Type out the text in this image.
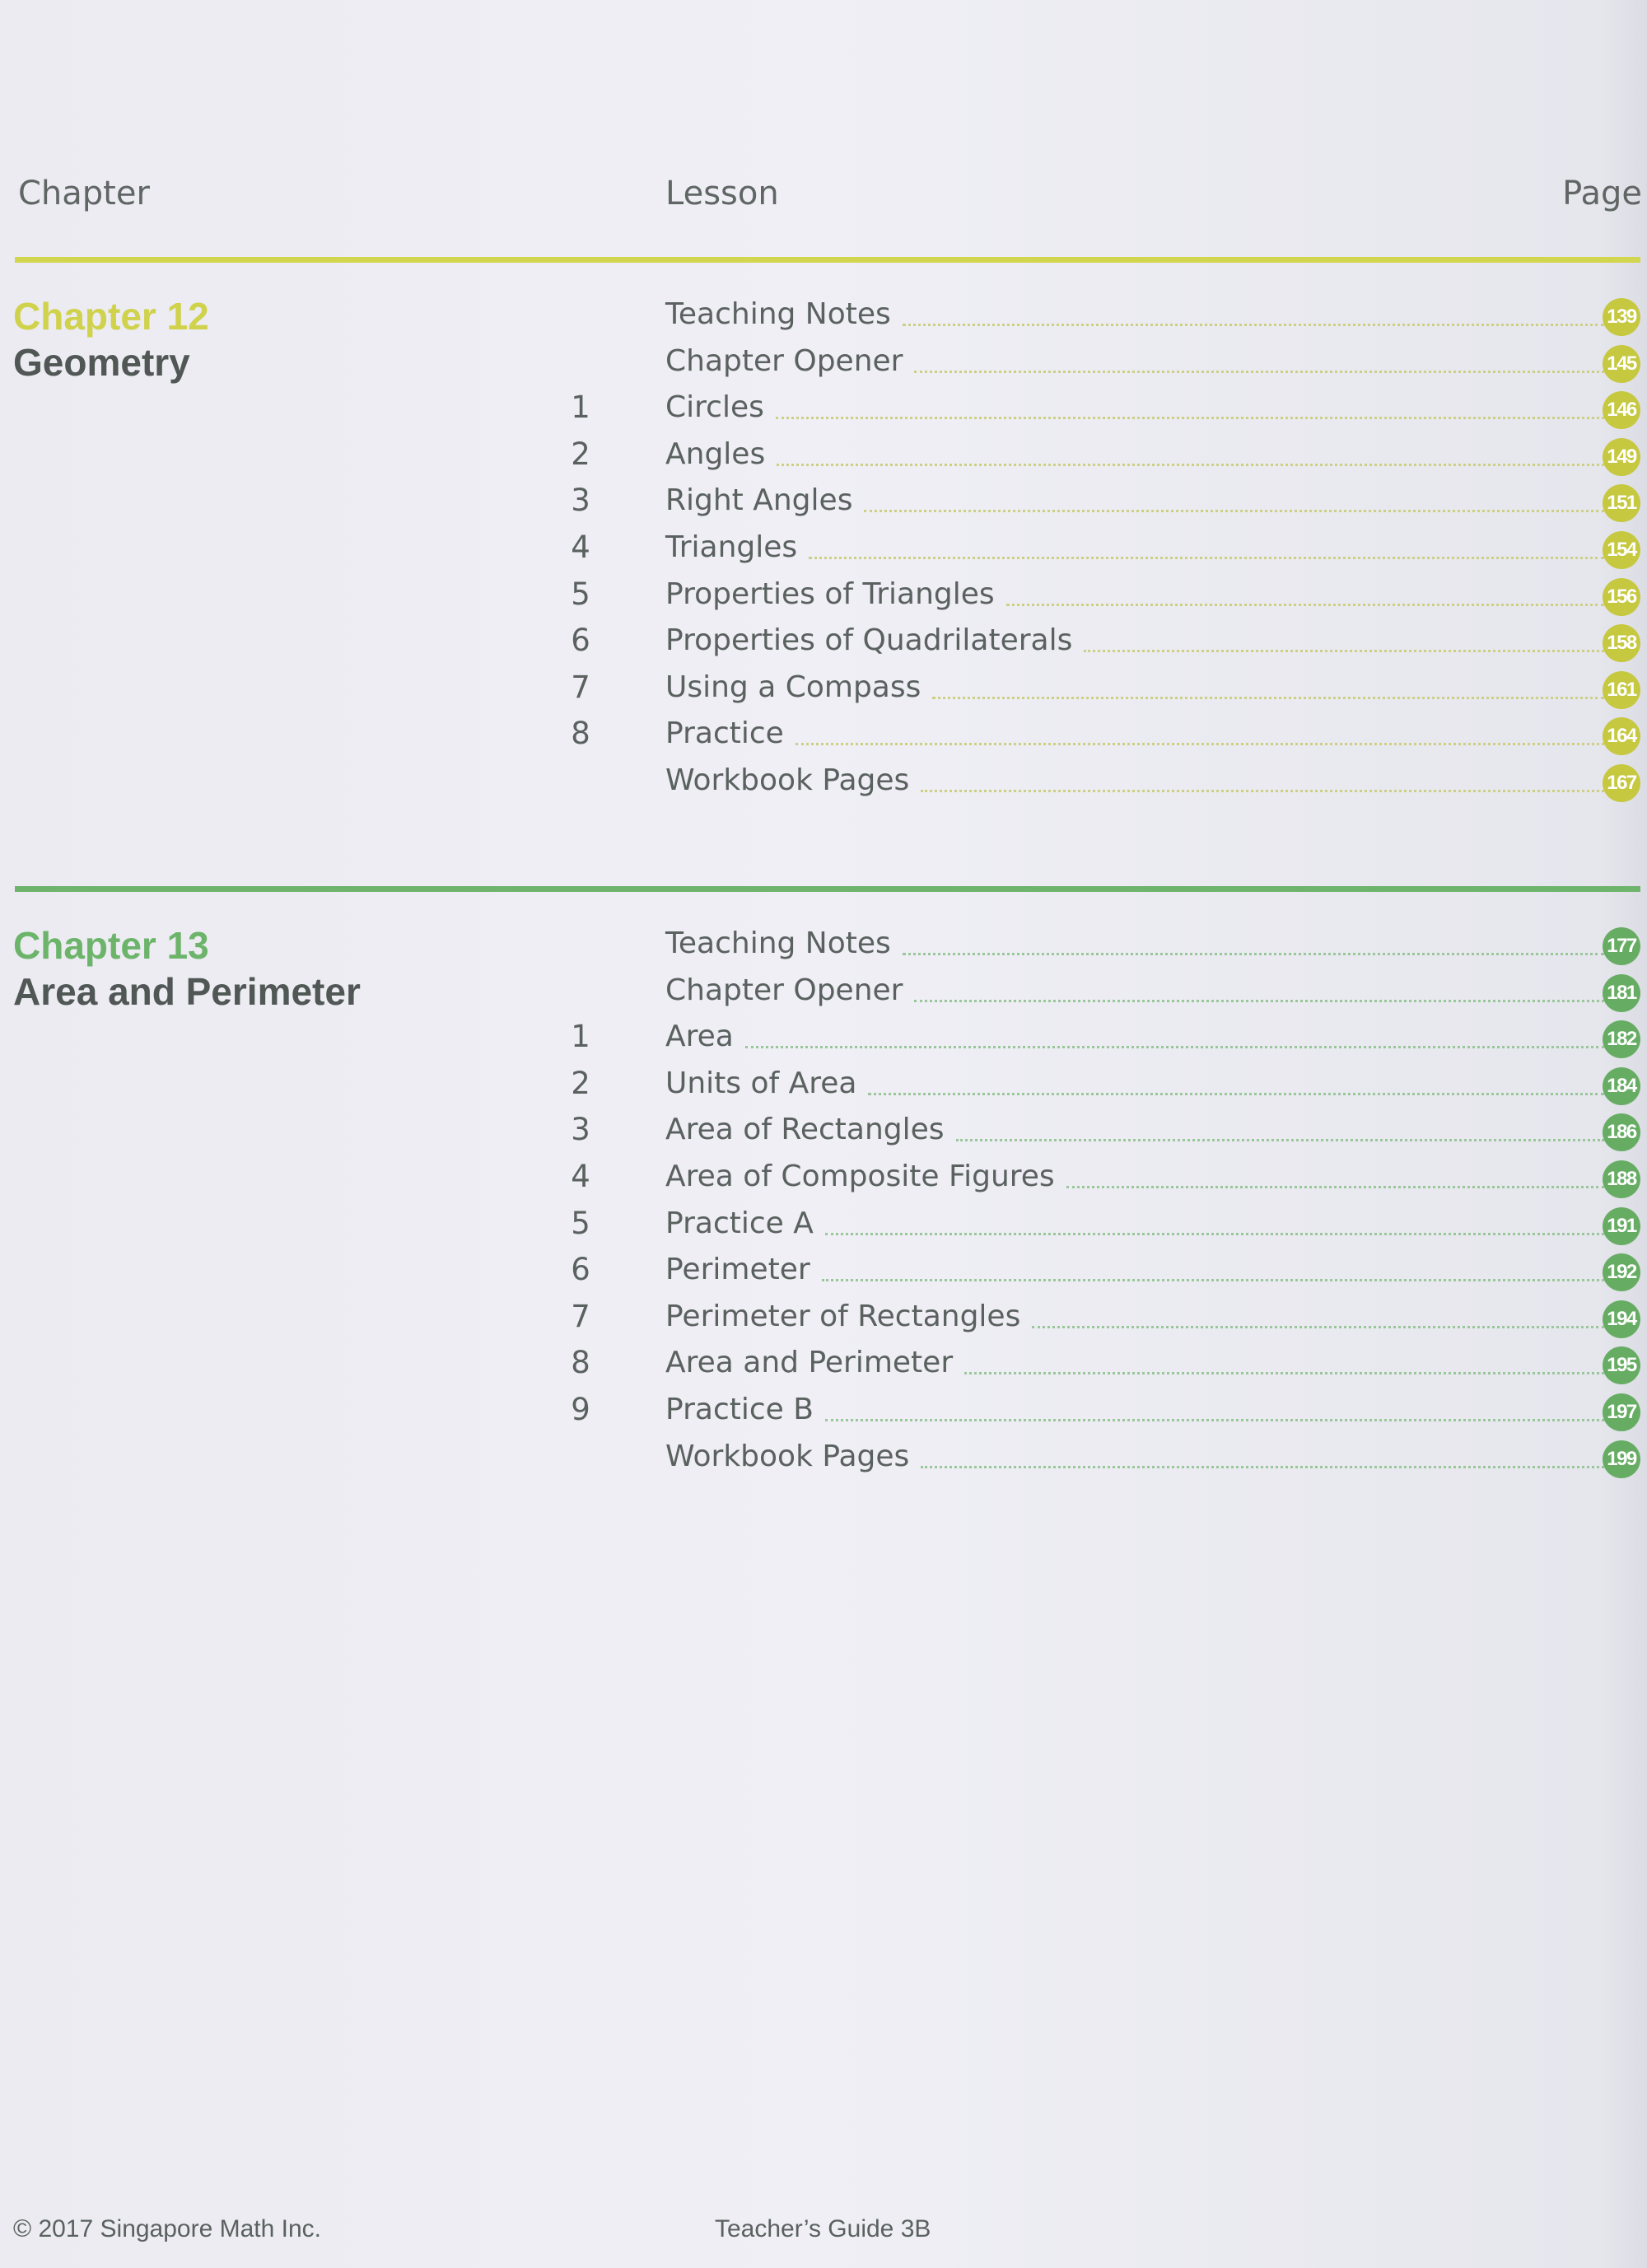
Chapter	Lesson	Page
Chapter 12
Geometry
Teaching Notes	139
Chapter Opener	145
1	Circles	146
2	Angles	149
3	Right Angles	151
4	Triangles	154
5	Properties of Triangles	156
6	Properties of Quadrilaterals	158
7	Using a Compass	161
8	Practice	164
Workbook Pages	167
Chapter 13
Area and Perimeter
Teaching Notes	177
Chapter Opener	181
1	Area	182
2	Units of Area	184
3	Area of Rectangles	186
4	Area of Composite Figures	188
5	Practice A	191
6	Perimeter	192
7	Perimeter of Rectangles	194
8	Area and Perimeter	195
9	Practice B	197
Workbook Pages	199
© 2017 Singapore Math Inc.	Teacher’s Guide 3B
